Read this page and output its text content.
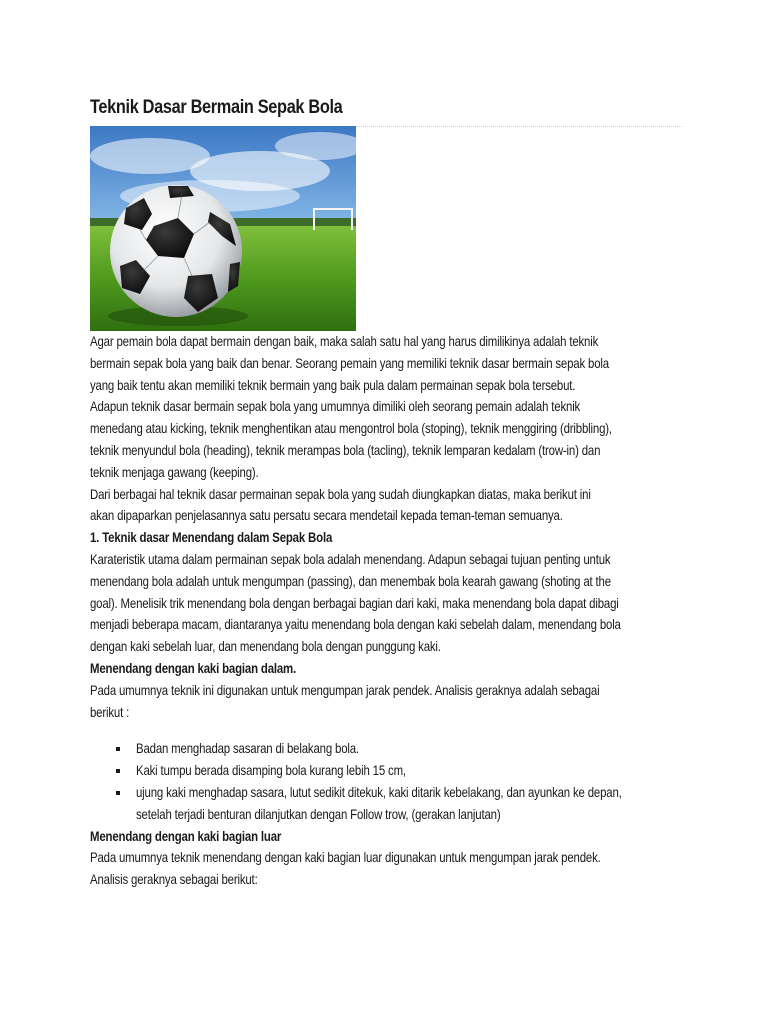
Teknik Dasar Bermain Sepak Bola
Agar pemain bola dapat bermain dengan baik, maka salah satu hal yang harus dimilikinya adalah teknik
bermain sepak bola yang baik dan benar. Seorang pemain yang memiliki teknik dasar bermain sepak bola
yang baik tentu akan memiliki teknik bermain yang baik pula dalam permainan sepak bola tersebut.
Adapun teknik dasar bermain sepak bola yang umumnya dimiliki oleh seorang pemain adalah teknik
menedang atau kicking, teknik menghentikan atau mengontrol bola (stoping), teknik menggiring (dribbling),
teknik menyundul bola (heading), teknik merampas bola (tacling), teknik lemparan kedalam (trow-in) dan
teknik menjaga gawang (keeping).
Dari berbagai hal teknik dasar permainan sepak bola yang sudah diungkapkan diatas, maka berikut ini
akan dipaparkan penjelasannya satu persatu secara mendetail kepada teman-teman semuanya.
1. Teknik dasar Menendang dalam Sepak Bola
Karateristik utama dalam permainan sepak bola adalah menendang. Adapun sebagai tujuan penting untuk
menendang bola adalah untuk mengumpan (passing), dan menembak bola kearah gawang (shoting at the
goal). Menelisik trik menendang bola dengan berbagai bagian dari kaki, maka menendang bola dapat dibagi
menjadi beberapa macam, diantaranya yaitu menendang bola dengan kaki sebelah dalam, menendang bola
dengan kaki sebelah luar, dan menendang bola dengan punggung kaki.
Menendang dengan kaki bagian dalam.
Pada umumnya teknik ini digunakan untuk mengumpan jarak pendek. Analisis geraknya adalah sebagai
berikut :
Badan menghadap sasaran di belakang bola.
Kaki tumpu berada disamping bola kurang lebih 15 cm,
ujung kaki menghadap sasara, lutut sedikit ditekuk, kaki ditarik kebelakang, dan ayunkan ke depan,
setelah terjadi benturan dilanjutkan dengan Follow trow, (gerakan lanjutan)
Menendang dengan kaki bagian luar
Pada umumnya teknik menendang dengan kaki bagian luar digunakan untuk mengumpan jarak pendek.
Analisis geraknya sebagai berikut:
